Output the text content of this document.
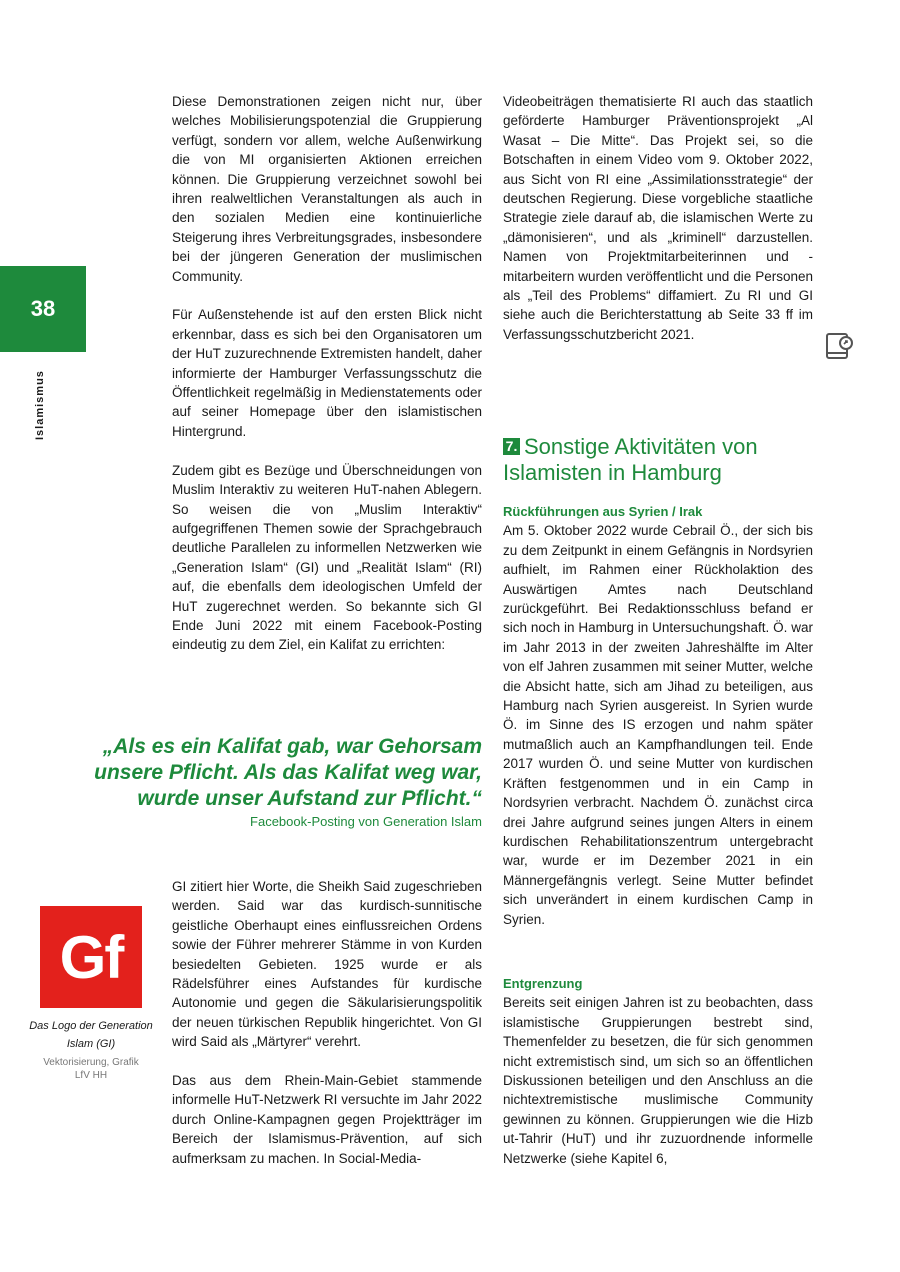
38
Islamismus

Diese Demonstrationen zeigen nicht nur, über welches Mobilisierungspotenzial die Gruppierung verfügt, sondern vor allem, welche Außenwirkung die von MI organisierten Aktionen erreichen können. Die Gruppierung verzeichnet sowohl bei ihren realweltlichen Veranstaltungen als auch in den sozialen Medien eine kontinuierliche Steigerung ihres Verbreitungsgrades, insbesondere bei der jüngeren Generation der muslimischen Community.

Für Außenstehende ist auf den ersten Blick nicht erkennbar, dass es sich bei den Organisatoren um der HuT zuzurechnende Extremisten handelt, daher informierte der Hamburger Verfassungsschutz die Öffentlichkeit regelmäßig in Medienstatements oder auf seiner Homepage über den islamistischen Hintergrund.

Zudem gibt es Bezüge und Überschneidungen von Muslim Interaktiv zu weiteren HuT-nahen Ablegern. So weisen die von „Muslim Interaktiv“ aufgegriffenen Themen sowie der Sprachgebrauch deutliche Parallelen zu informellen Netzwerken wie „Generation Islam“ (GI) und „Realität Islam“ (RI) auf, die ebenfalls dem ideologischen Umfeld der HuT zugerechnet werden. So bekannte sich GI Ende Juni 2022 mit einem Facebook-Posting eindeutig zu dem Ziel, ein Kalifat zu errichten:

„Als es ein Kalifat gab, war Gehorsam unsere Pflicht. Als das Kalifat weg war, wurde unser Aufstand zur Pflicht.“
Facebook-Posting von Generation Islam

GI zitiert hier Worte, die Sheikh Said zugeschrieben werden. Said war das kurdisch-sunnitische geistliche Oberhaupt eines einflussreichen Ordens sowie der Führer mehrerer Stämme in von Kurden besiedelten Gebieten. 1925 wurde er als Rädelsführer eines Aufstandes für kurdische Autonomie und gegen die Säkularisierungspolitik der neuen türkischen Republik hingerichtet. Von GI wird Said als „Märtyrer“ verehrt.

Das aus dem Rhein-Main-Gebiet stammende informelle HuT-Netzwerk RI versuchte im Jahr 2022 durch Online-Kampagnen gegen Projektträger im Bereich der Islamismus-Prävention, auf sich aufmerksam zu machen. In Social-Media-

Gf
Das Logo der Generation Islam (GI)
Vektorisierung, Grafik LfV HH

Videobeiträgen thematisierte RI auch das staatlich geförderte Hamburger Präventionsprojekt „Al Wasat – Die Mitte“. Das Projekt sei, so die Botschaften in einem Video vom 9. Oktober 2022, aus Sicht von RI eine „Assimilationsstrategie“ der deutschen Regierung. Diese vorgebliche staatliche Strategie ziele darauf ab, die islamischen Werte zu „dämonisieren“, und als „kriminell“ darzustellen. Namen von Projektmitarbeiterinnen und -mitarbeitern wurden veröffentlicht und die Personen als „Teil des Problems“ diffamiert. Zu RI und GI siehe auch die Berichterstattung ab Seite 33 ff im Verfassungsschutzbericht 2021.

7. Sonstige Aktivitäten von Islamisten in Hamburg
Rückführungen aus Syrien / Irak
Am 5. Oktober 2022 wurde Cebrail Ö., der sich bis zu dem Zeitpunkt in einem Gefängnis in Nordsyrien aufhielt, im Rahmen einer Rückholaktion des Auswärtigen Amtes nach Deutschland zurückgeführt. Bei Redaktionsschluss befand er sich noch in Hamburg in Untersuchungshaft. Ö. war im Jahr 2013 in der zweiten Jahreshälfte im Alter von elf Jahren zusammen mit seiner Mutter, welche die Absicht hatte, sich am Jihad zu beteiligen, aus Hamburg nach Syrien ausgereist. In Syrien wurde Ö. im Sinne des IS erzogen und nahm später mutmaßlich auch an Kampfhandlungen teil. Ende 2017 wurden Ö. und seine Mutter von kurdischen Kräften festgenommen und in ein Camp in Nordsyrien verbracht. Nachdem Ö. zunächst circa drei Jahre aufgrund seines jungen Alters in einem kurdischen Rehabilitationszentrum untergebracht war, wurde er im Dezember 2021 in ein Männergefängnis verlegt. Seine Mutter befindet sich unverändert in einem kurdischen Camp in Syrien.
Entgrenzung
Bereits seit einigen Jahren ist zu beobachten, dass islamistische Gruppierungen bestrebt sind, Themenfelder zu besetzen, die für sich genommen nicht extremistisch sind, um sich so an öffentlichen Diskussionen beteiligen und den Anschluss an die nichtextremistische muslimische Community gewinnen zu können. Gruppierungen wie die Hizb ut-Tahrir (HuT) und ihr zuzuordnende informelle Netzwerke (siehe Kapitel 6,
